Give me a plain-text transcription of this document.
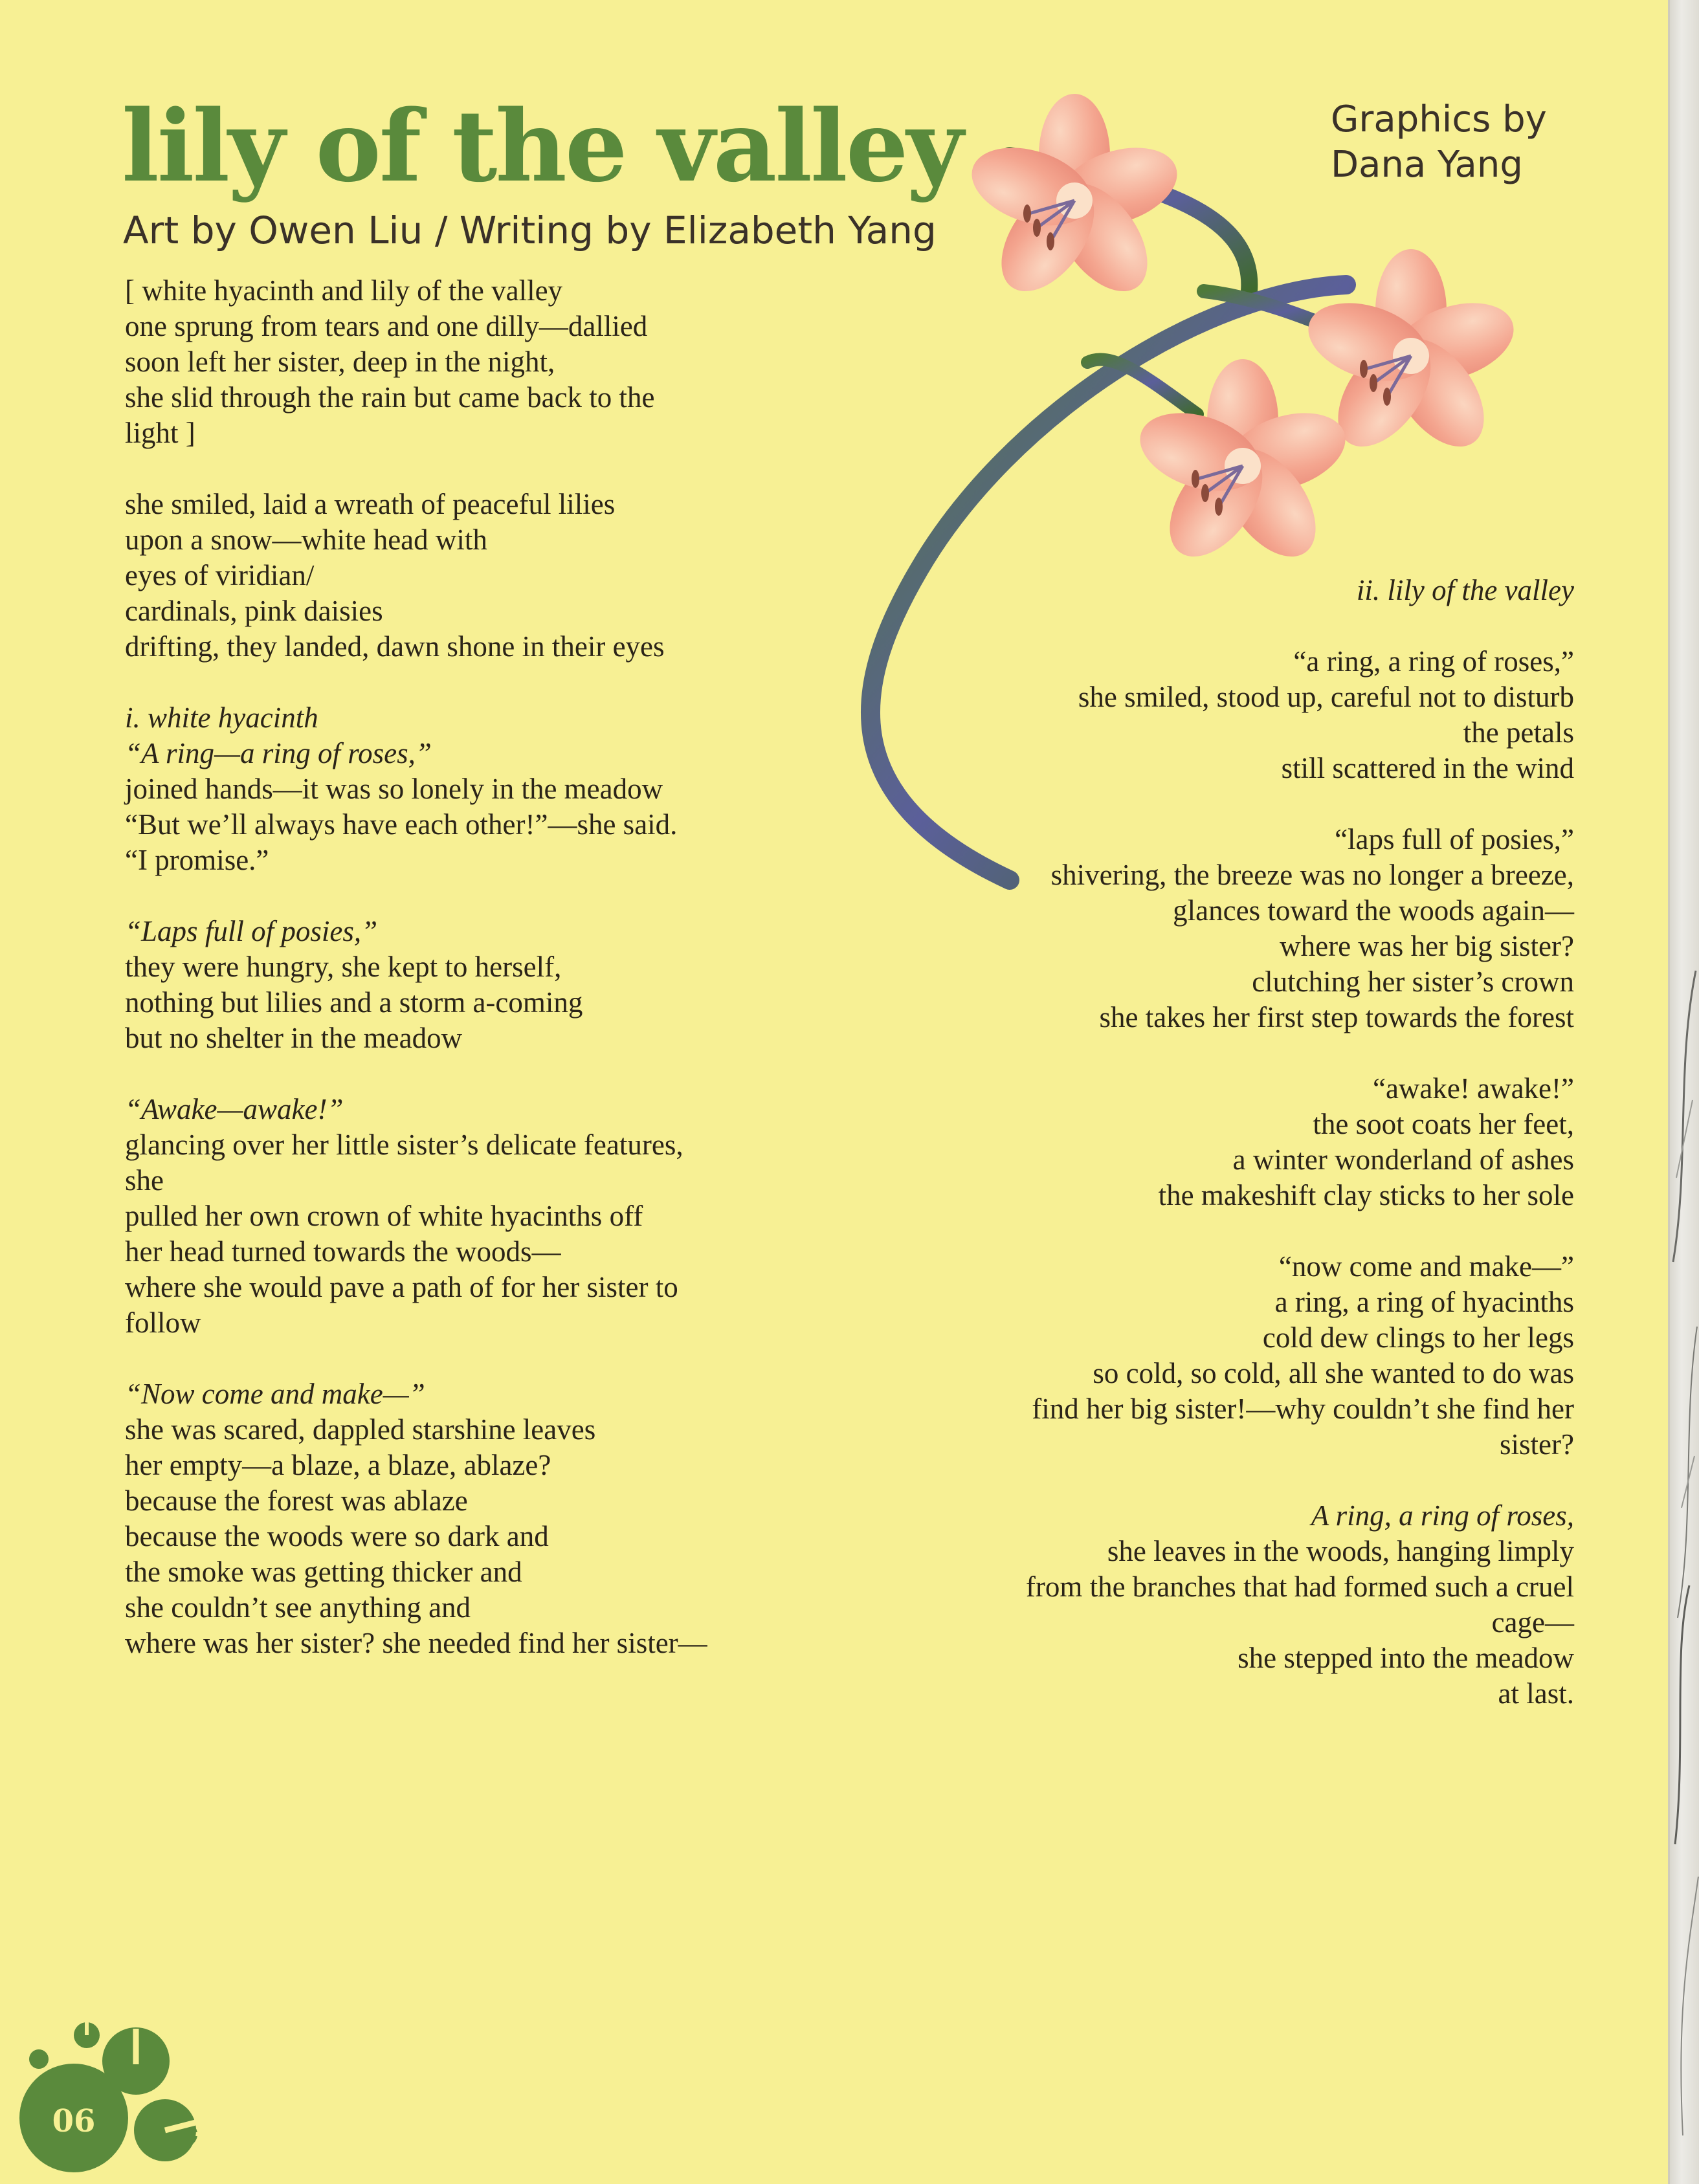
lily of the valley
Art by Owen Liu / Writing by Elizabeth Yang
Graphics by
Dana Yang
[ white hyacinth and lily of the valley
one sprung from tears and one dilly—dallied
soon left her sister, deep in the night,
she slid through the rain but came back to the
light ]
she smiled, laid a wreath of peaceful lilies
upon a snow—white head with
eyes of viridian/
cardinals, pink daisies
drifting, they landed, dawn shone in their eyes
i. white hyacinth
“A ring—a ring of roses,”
joined hands—it was so lonely in the meadow
“But we’ll always have each other!”—she said.
“I promise.”
“Laps full of posies,”
they were hungry, she kept to herself,
nothing but lilies and a storm a-coming
but no shelter in the meadow
“Awake—awake!”
glancing over her little sister’s delicate features,
she
pulled her own crown of white hyacinths off
her head turned towards the woods—
where she would pave a path of for her sister to
follow
“Now come and make—”
she was scared, dappled starshine leaves
her empty—a blaze, a blaze, ablaze?
because the forest was ablaze
because the woods were so dark and
the smoke was getting thicker and
she couldn’t see anything and
where was her sister? she needed find her sister—
ii. lily of the valley
“a ring, a ring of roses,”
she smiled, stood up, careful not to disturb
the petals
still scattered in the wind
“laps full of posies,”
shivering, the breeze was no longer a breeze,
glances toward the woods again—
where was her big sister?
clutching her sister’s crown
she takes her first step towards the forest
“awake! awake!”
the soot coats her feet,
a winter wonderland of ashes
the makeshift clay sticks to her sole
“now come and make—”
a ring, a ring of hyacinths
cold dew clings to her legs
so cold, so cold, all she wanted to do was
find her big sister!—why couldn’t she find her
sister?
A ring, a ring of roses,
she leaves in the woods, hanging limply
from the branches that had formed such a cruel
cage—
she stepped into the meadow
at last.
06
